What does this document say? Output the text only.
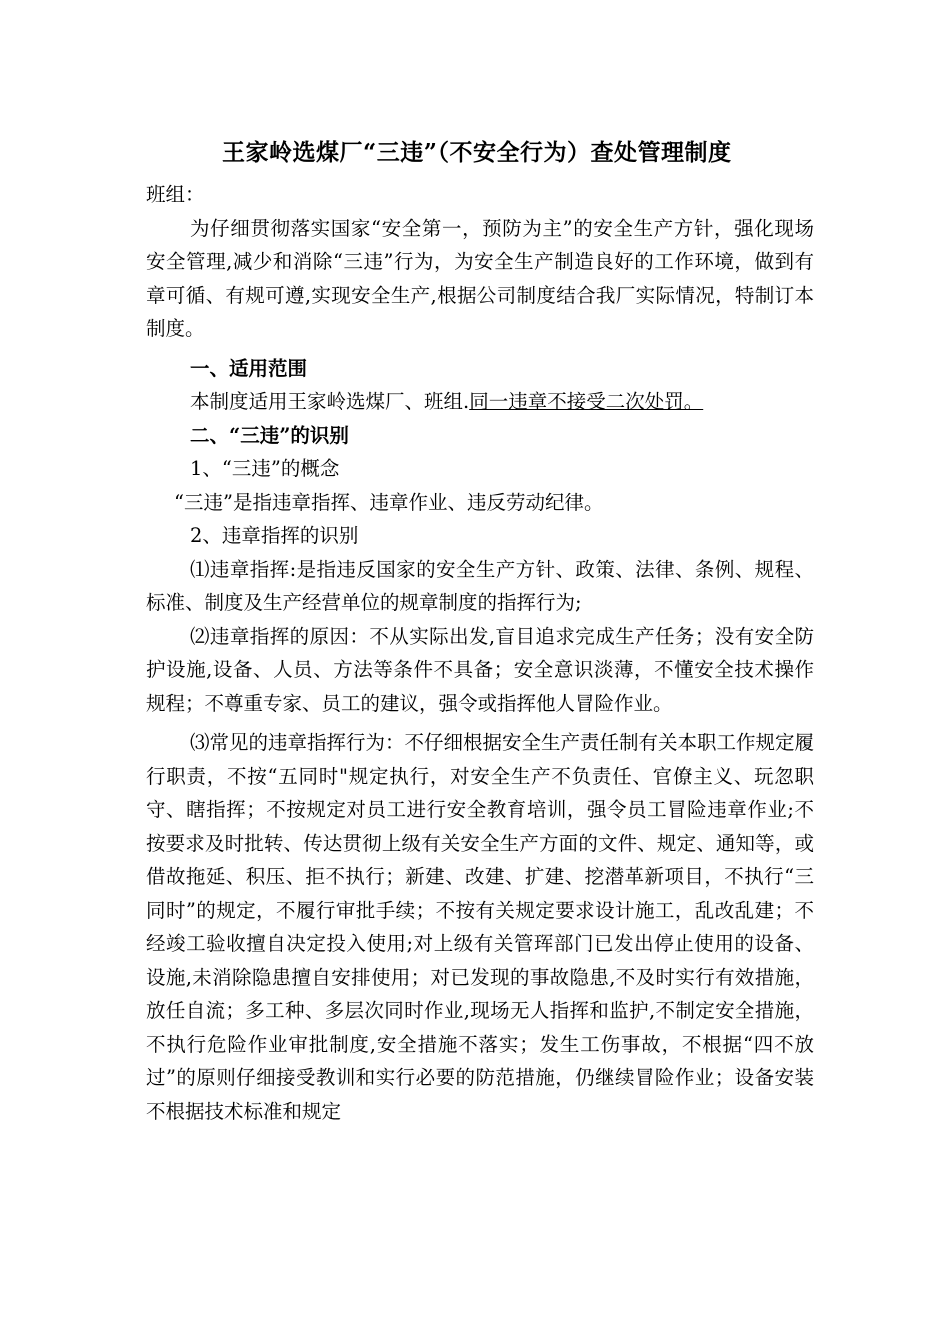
王家岭选煤厂“三违”（不安全行为）查处管理制度

班组：

为仔细贯彻落实国家“安全第一，预防为主”的安全生产方针，强化现场安全管理,减少和消除“三违”行为，为安全生产制造良好的工作环境，做到有章可循、有规可遵,实现安全生产,根据公司制度结合我厂实际情况，特制订本制度。

一、适用范围

本制度适用王家岭选煤厂、班组.同一违章不接受二次处罚。

二、“三违”的识别

1、“三违”的概念

“三违”是指违章指挥、违章作业、违反劳动纪律。

2、违章指挥的识别

⑴违章指挥:是指违反国家的安全生产方针、政策、法律、条例、规程、标准、制度及生产经营单位的规章制度的指挥行为;

⑵违章指挥的原因：不从实际出发,盲目追求完成生产任务；没有安全防护设施,设备、人员、方法等条件不具备；安全意识淡薄，不懂安全技术操作规程；不尊重专家、员工的建议，强令或指挥他人冒险作业。

⑶常见的违章指挥行为：不仔细根据安全生产责任制有关本职工作规定履行职责，不按“五同时"规定执行，对安全生产不负责任、官僚主义、玩忽职守、瞎指挥；不按规定对员工进行安全教育培训，强令员工冒险违章作业;不按要求及时批转、传达贯彻上级有关安全生产方面的文件、规定、通知等，或借故拖延、积压、拒不执行；新建、改建、扩建、挖潜革新项目，不执行“三同时”的规定，不履行审批手续；不按有关规定要求设计施工，乱改乱建；不经竣工验收擅自决定投入使用;对上级有关管珲部门已发出停止使用的设备、设施,未消除隐患擅自安排使用；对已发现的事故隐患,不及时实行有效措施，放任自流；多工种、多层次同时作业,现场无人指挥和监护,不制定安全措施，不执行危险作业审批制度,安全措施不落实；发生工伤事故，不根据“四不放过”的原则仔细接受教训和实行必要的防范措施，仍继续冒险作业；设备安装不根据技术标准和规定
